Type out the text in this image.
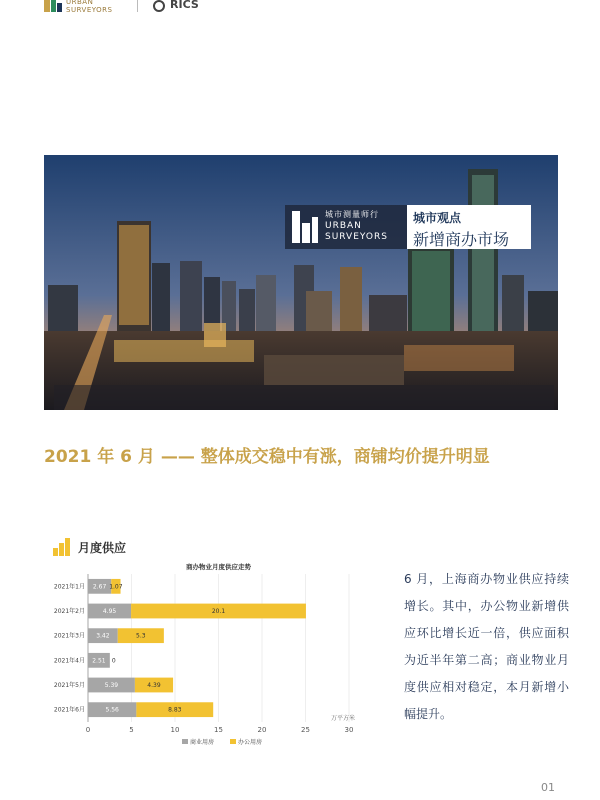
URBAN
SURVEYORS	RICS
城市测量师行
URBAN
SURVEYORS
城市观点
新增商办市场
2021 年 6 月 —— 整体成交稳中有涨，商铺均价提升明显
月度供应
商办物业月度供应走势
0	5	10	15	20	25	30
万平方米
2021年1月 2.67 1.07
2021年2月	4.95	20.1
2021年3月 3.42	5.3
2021年4月 2.51 0
2021年5月	5.39	4.39
2021年6月	5.56	8.83
商业用房	办公用房
6 月，上海商办物业供应持续增长。其中，办公物业新增供应环比增长近一倍，供应面积为近半年第二高；商业物业月度供应相对稳定，本月新增小幅提升。
01
